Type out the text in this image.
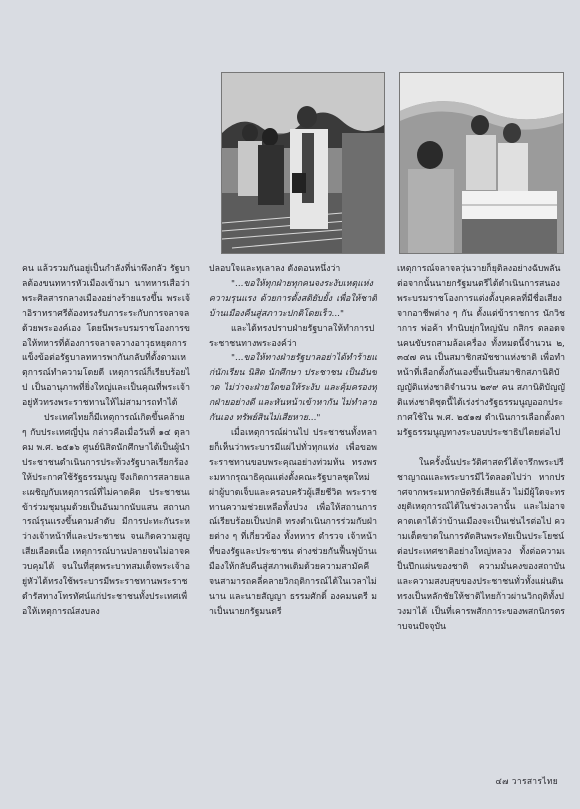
คน แล้วรวมกันอยู่เป็นกำลังที่น่าพึงกลัว รัฐบาลต้องขนทหารหัวเมืองเข้ามา นาทหารเสือว่าพระศิลสารกลางเมืองอย่างร้ายแรงขึ้น พระเจ้าอิราทราศรีต้องทรงรับภาระระกับการจลาจลด้วยพระองค์เอง โดยนีพระบรมราชโองการขอให้ทหารที่ต้องการจลาจลวางอาวุธหยุดการแข็งข้อต่อรัฐบาลทหารพากันกลับที่ตั้งตามเหตุการณ์ทำความโดยดี เหตุการณ์ก็เรียบร้อยไป เป็นอานุภาพที่ยิ่งใหญ่และเป็นคุณที่พระเจ้าอยู่หัวทรงพระราชทานให้ไม่สามารถทำได้

ประเทศไทยก็มีเหตุการณ์เกิดขึ้นคล้าย ๆ กับประเทศญี่ปุ่น กล่าวคือเมื่อวันที่ ๑๔ ตุลาคม พ.ศ. ๒๕๑๖ ศูนย์นิสิตนักศึกษาได้เป็นผู้นำประชาชนดำเนินการประท้วงรัฐบาลเรียกร้องให้ประกาศใช้รัฐธรรมนูญ จึงเกิดการสลายและเผชิญกับเหตุการณ์ที่ไม่คาดคิด ประชาชนเข้าร่วมชุมนุมด้วยเป็นอันมากนับแสน สถานการณ์รุนแรงขึ้นตามลำดับ มีการปะทะกันระหว่างเจ้าหน้าที่และประชาชน จนเกิดความสูญเสียเลือดเนื้อ เหตุการณ์บานปลายจนไม่อาจควบคุมได้ จนในที่สุดพระบาทสมเด็จพระเจ้าอยู่หัวได้ทรงใช้พระบารมีพระราชทานพระราชดำรัสทางโทรทัศน์แก่ประชาชนทั้งประเทศเพื่อให้เหตุการณ์สงบลง

ปลอบใจและทุเลาลง ดังตอนหนึ่งว่า

"...ขอให้ทุกฝ่ายทุกคนจงระงับเหตุแห่งความรุนแรง ด้วยการตั้งสติยับยั้ง เพื่อให้ชาติบ้านเมืองคืนสู่สภาวะปกติโดยเร็ว..."

และได้ทรงปราบฝ่ายรัฐบาลให้ทำการประชาชนทางพระองค์ว่า

"...ขอให้ทางฝ่ายรัฐบาลอย่าได้ทำร้ายแก่นักเรียน นิสิต นักศึกษา ประชาชน เป็นอันขาด ไม่ว่าจะฝ่ายใดขอให้ระงับ และคุ้มครองทุกฝ่ายอย่างดี และหันหน้าเข้าหากัน ไม่ทำลายกันเอง ทรัพย์สินไม่เสียหาย..."

เมื่อเหตุการณ์ผ่านไป ประชาชนทั้งหลายก็เห็นว่าพระบารมีแผ่ไปทั่วทุกแห่ง เพื่อขอพระราชทานขอบพระคุณอย่างท่วมท้น ทรงพระมหากรุณาธิคุณแต่งตั้งคณะรัฐบาลชุดใหม่ ผ่าผู้บาดเจ็บและครอบครัวผู้เสียชีวิต พระราชทานความช่วยเหลือทั้งปวง เพื่อให้สถานการณ์เรียบร้อยเป็นปกติ ทรงดำเนินการร่วมกับฝ่ายต่าง ๆ ที่เกี่ยวข้อง ทั้งทหาร ตำรวจ เจ้าหน้าที่ของรัฐและประชาชน ต่างช่วยกันฟื้นฟูบ้านเมืองให้กลับคืนสู่สภาพเดิมด้วยความสามัคคี จนสามารถคลี่คลายวิกฤติการณ์ได้ในเวลาไม่นาน และนายสัญญา ธรรมศักดิ์ องคมนตรี มาเป็นนายกรัฐมนตรี

เหตุการณ์จลาจลวุ่นวายก็ยุติลงอย่างฉับพลัน ต่อจากนั้นนายกรัฐมนตรีได้ดำเนินการสนองพระบรมราชโองการแต่งตั้งบุคคลที่มีชื่อเสียงจากอาชีพต่าง ๆ กัน ตั้งแต่ข้าราชการ นักวิชาการ พ่อค้า ทำนิบยุ่กใหญ่นับ กสิกร ตลอดจนคนขับรถสามล้อเครื่อง ทั้งหมดนี้จำนวน ๒,๓๔๗ คน เป็นสมาชิกสมัชชาแห่งชาติ เพื่อทำหน้าที่เลือกตั้งกันเองขึ้นเป็นสมาชิกสภานิติบัญญัติแห่งชาติจำนวน ๒๙๙ คน สภานิติบัญญัติแห่งชาติชุดนี้ได้เร่งร่างรัฐธรรมนูญออกประกาศใช้ใน พ.ศ. ๒๕๑๗ ดำเนินการเลือกตั้งตามรัฐธรรมนูญทางระบอบประชาธิปไตยต่อไป

ในครั้งนั้นประวัติศาสตร์ได้จารึกพระปรีชาญาณและพระบารมีไว้ตลอดไปว่า หากปราศจากพระมหากษัตริย์เสียแล้ว ไม่มีผู้ใดจะทรงยุติเหตุการณ์ได้ในช่วงเวลานั้น และไม่อาจคาดเดาได้ว่าบ้านเมืองจะเป็นเช่นไรต่อไป ความเด็ดขาดในการตัดสินพระทัยเป็นประโยชน์ต่อประเทศชาติอย่างใหญ่หลวง ทั้งต่อความเป็นปึกแผ่นของชาติ ความมั่นคงของสถาบัน และความสงบสุขของประชาชนทั่วทั้งแผ่นดิน ทรงเป็นหลักชัยให้ชาติไทยก้าวผ่านวิกฤติทั้งปวงมาได้ เป็นที่เคารพสักการะของพสกนิกรตราบจนปัจจุบัน

๔๗ วารสารไทย
